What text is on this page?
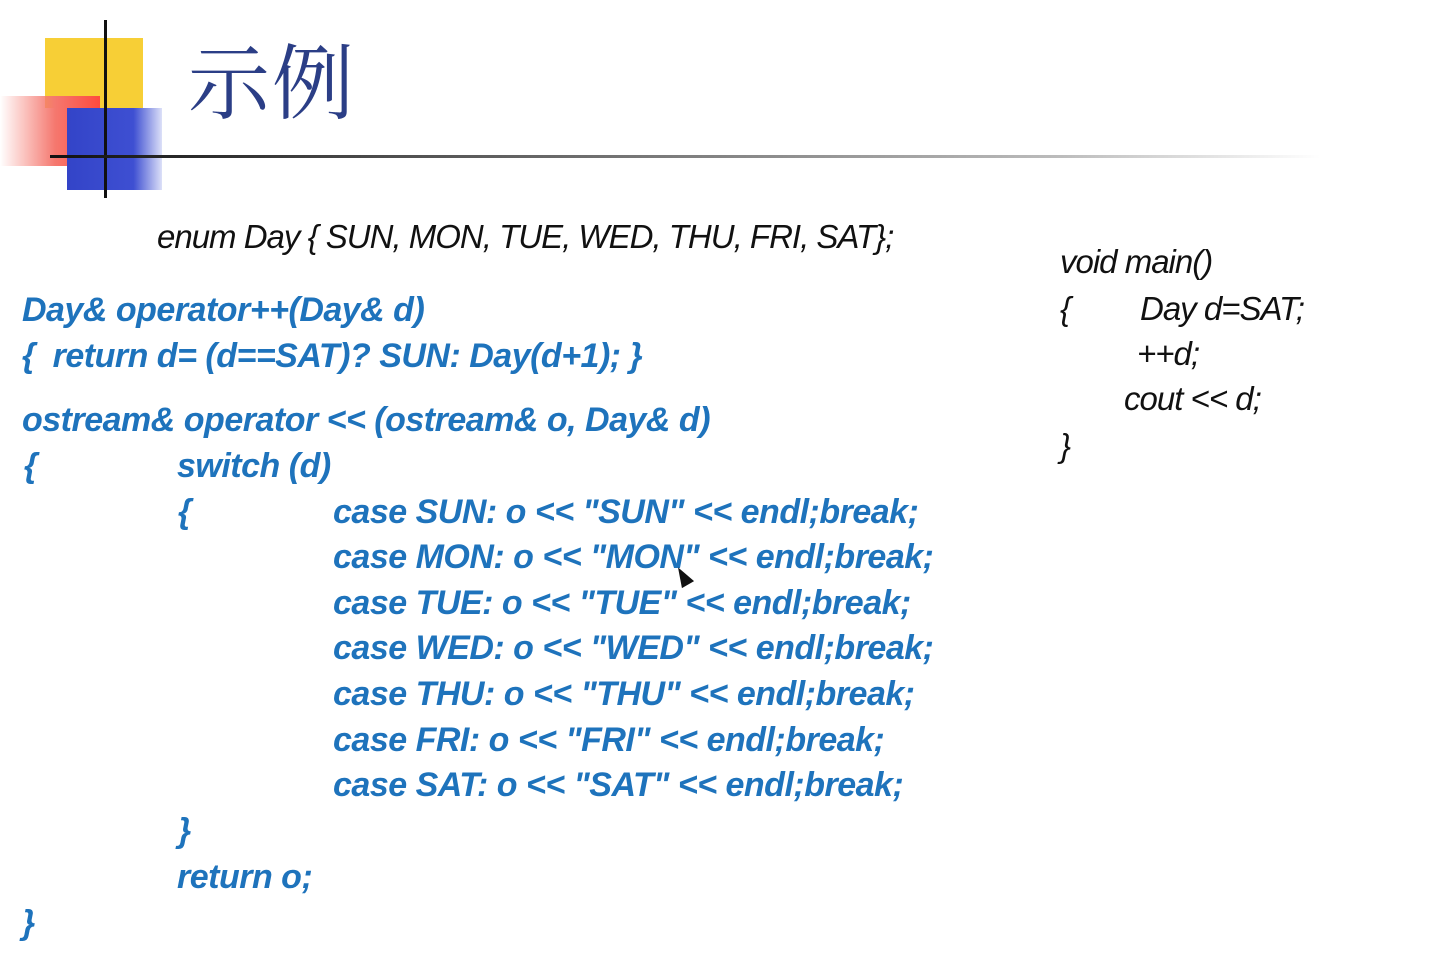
示例
enum Day { SUN, MON, TUE, WED, THU, FRI, SAT};
Day& operator++(Day& d)
{  return d= (d==SAT)? SUN: Day(d+1); }
ostream& operator << (ostream& o, Day& d)
{	switch (d)
{	case SUN: o << "SUN" << endl;break;
case MON: o << "MON" << endl;break;
case TUE: o << "TUE" << endl;break;
case WED: o << "WED" << endl;break;
case THU: o << "THU" << endl;break;
case FRI: o << "FRI" << endl;break;
case SAT: o << "SAT" << endl;break;
}
return o;
}
void main()
{ Day d=SAT;
++d;
cout << d;
}
